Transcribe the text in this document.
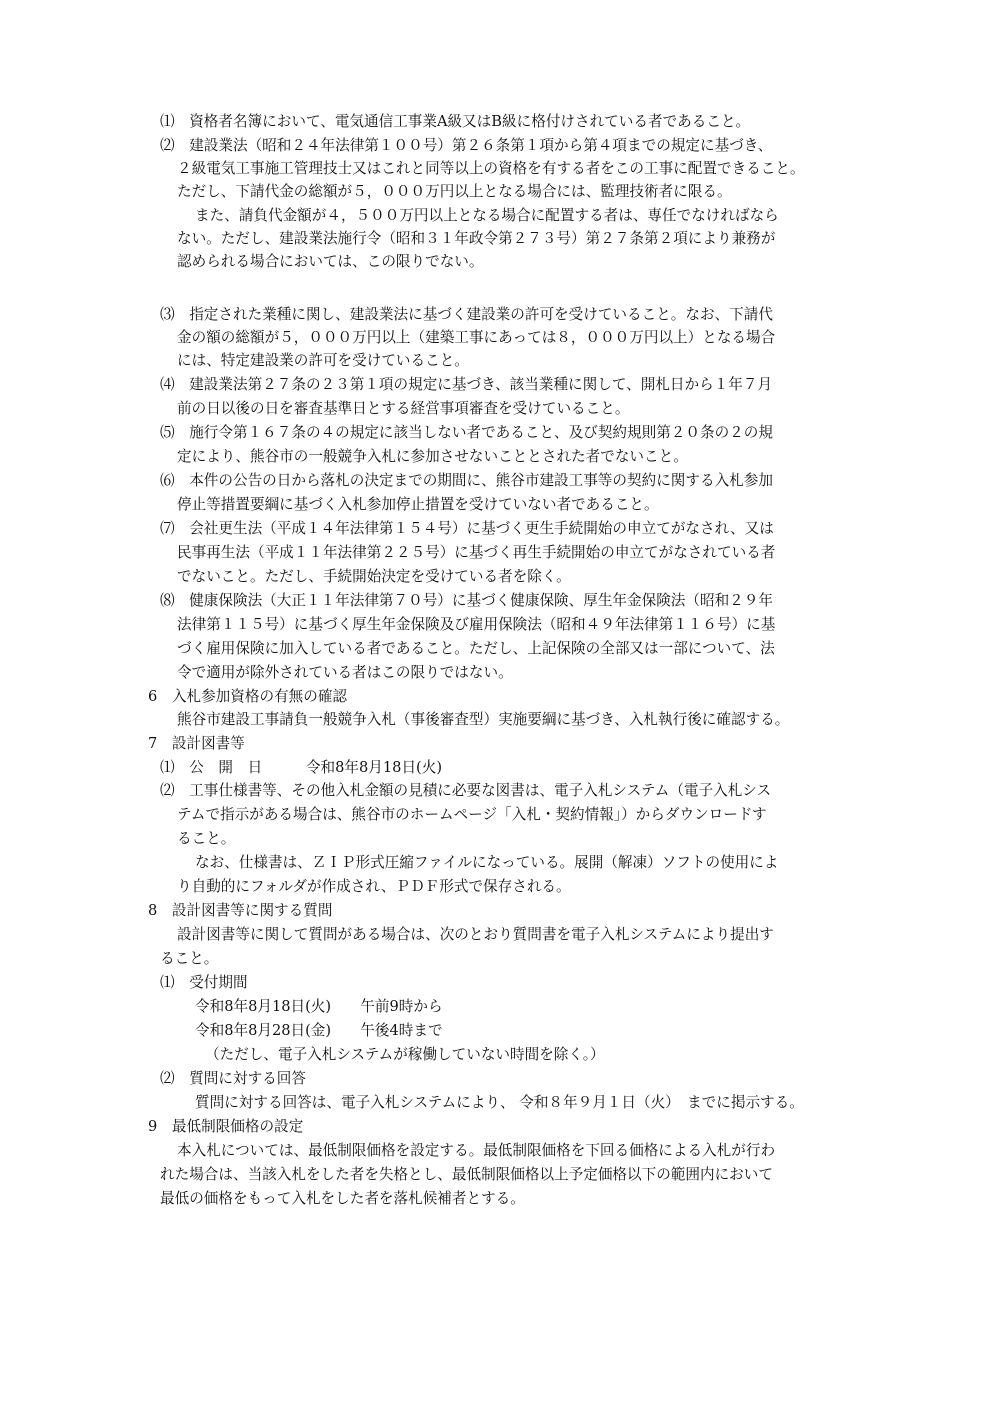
⑴　資格者名簿において、電気通信工事業A級又はB級に格付けされている者であること。
⑵　建設業法（昭和２４年法律第１００号）第２６条第１項から第４項までの規定に基づき、
２級電気工事施工管理技士又はこれと同等以上の資格を有する者をこの工事に配置できること。
ただし、下請代金の総額が５，０００万円以上となる場合には、監理技術者に限る。
また、請負代金額が４，５００万円以上となる場合に配置する者は、専任でなければなら
ない。ただし、建設業法施行令（昭和３１年政令第２７３号）第２７条第２項により兼務が
認められる場合においては、この限りでない。
⑶　指定された業種に関し、建設業法に基づく建設業の許可を受けていること。なお、下請代
金の額の総額が５，０００万円以上（建築工事にあっては８，０００万円以上）となる場合
には、特定建設業の許可を受けていること。
⑷　建設業法第２７条の２３第１項の規定に基づき、該当業種に関して、開札日から１年７月
前の日以後の日を審査基準日とする経営事項審査を受けていること。
⑸　施行令第１６７条の４の規定に該当しない者であること、及び契約規則第２０条の２の規
定により、熊谷市の一般競争入札に参加させないこととされた者でないこと。
⑹　本件の公告の日から落札の決定までの期間に、熊谷市建設工事等の契約に関する入札参加
停止等措置要綱に基づく入札参加停止措置を受けていない者であること。
⑺　会社更生法（平成１４年法律第１５４号）に基づく更生手続開始の申立てがなされ、又は
民事再生法（平成１１年法律第２２５号）に基づく再生手続開始の申立てがなされている者
でないこと。ただし、手続開始決定を受けている者を除く。
⑻　健康保険法（大正１１年法律第７０号）に基づく健康保険、厚生年金保険法（昭和２９年
法律第１１５号）に基づく厚生年金保険及び雇用保険法（昭和４９年法律第１１６号）に基
づく雇用保険に加入している者であること。ただし、上記保険の全部又は一部について、法
令で適用が除外されている者はこの限りではない。
6　入札参加資格の有無の確認
熊谷市建設工事請負一般競争入札（事後審査型）実施要綱に基づき、入札執行後に確認する。
7　設計図書等
⑴　公　開　日　　　令和8年8月18日(火)
⑵　工事仕様書等、その他入札金額の見積に必要な図書は、電子入札システム（電子入札シス
テムで指示がある場合は、熊谷市のホームページ「入札・契約情報」）からダウンロードす
ること。
なお、仕様書は、ＺＩＰ形式圧縮ファイルになっている。展開（解凍）ソフトの使用によ
り自動的にフォルダが作成され、ＰＤＦ形式で保存される。
8　設計図書等に関する質問
設計図書等に関して質問がある場合は、次のとおり質問書を電子入札システムにより提出す
ること。
⑴　受付期間
令和8年8月18日(火)　　午前9時から
令和8年8月28日(金)　　午後4時まで
（ただし、電子入札システムが稼働していない時間を除く。）
⑵　質問に対する回答
質問に対する回答は、電子入札システムにより、 令和８年９月１日（火）　までに掲示する。
9　最低制限価格の設定
本入札については、最低制限価格を設定する。最低制限価格を下回る価格による入札が行わ
れた場合は、当該入札をした者を失格とし、最低制限価格以上予定価格以下の範囲内において
最低の価格をもって入札をした者を落札候補者とする。
